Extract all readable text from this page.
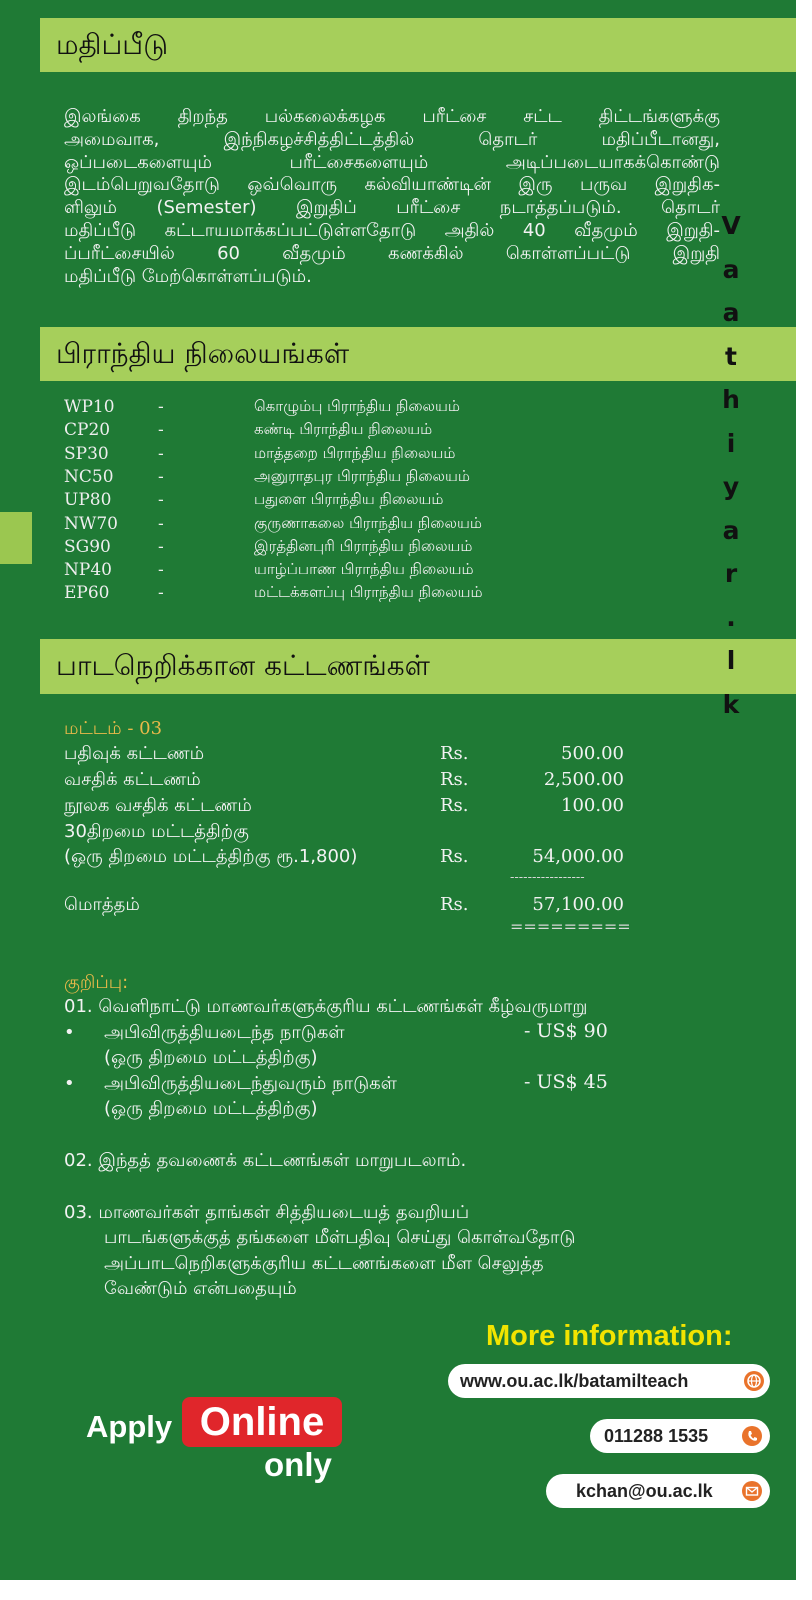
மதிப்பீடு
இலங்கை திறந்த பல்கலைக்கழக பரீட்சை சட்ட திட்டங்களுக்கு
அமைவாக, இந்நிகழச்சித்திட்டத்தில் தொடர் மதிப்பீடானது,
ஒப்படைகளையும் பரீட்சைகளையும் அடிப்படையாகக்கொண்டு
இடம்பெறுவதோடு ஒவ்வொரு கல்வியாண்டின் இரு பருவ இறுதிக-
ளிலும் (Semester) இறுதிப் பரீட்சை நடாத்தப்படும். தொடர்
மதிப்பீடு கட்டாயமாக்கப்பட்டுள்ளதோடு அதில் 40 வீதமும் இறுதி-
ப்பரீட்சையில் 60 வீதமும் கணக்கில் கொள்ளப்பட்டு இறுதி
மதிப்பீடு மேற்கொள்ளப்படும்.
பிராந்திய நிலையங்கள்
WP10	-	கொழும்பு பிராந்திய நிலையம்
CP20	-	கண்டி பிராந்திய நிலையம்
SP30	-	மாத்தறை பிராந்திய நிலையம்
NC50	-	அனுராதபுர பிராந்திய நிலையம்
UP80	-	பதுளை பிராந்திய நிலையம்
NW70 -	குருணாகலை பிராந்திய நிலையம்
SG90	-	இரத்தினபுரி பிராந்திய நிலையம்
NP40	-	யாழ்ப்பாண பிராந்திய நிலையம்
EP60	-	மட்டக்களப்பு பிராந்திய நிலையம்
பாடநெறிக்கான கட்டணங்கள்
மட்டம் - 03
பதிவுக் கட்டணம்	Rs.	500.00
வசதிக் கட்டணம்	Rs.	2,500.00
நூலக வசதிக் கட்டணம்	Rs.	100.00
30திறமை மட்டத்திற்கு
(ஒரு திறமை மட்டத்திற்கு ரூ.1,800)	Rs.	54,000.00
-----------------
மொத்தம்	Rs.	57,100.00
=========
குறிப்பு:
01. வெளிநாட்டு மாணவர்களுக்குரிய கட்டணங்கள் கீழ்வருமாறு
• அபிவிருத்தியடைந்த நாடுகள்	- US$ 90
(ஒரு திறமை மட்டத்திற்கு)
• அபிவிருத்தியடைந்துவரும் நாடுகள்	- US$ 45
(ஒரு திறமை மட்டத்திற்கு)
02. இந்தத் தவணைக் கட்டணங்கள் மாறுபடலாம்.
03. மாணவர்கள் தாங்கள் சித்தியடையத் தவறியப்
பாடங்களுக்குத் தங்களை மீள்பதிவு செய்து கொள்வதோடு
அப்பாடநெறிகளுக்குரிய கட்டணங்களை மீள செலுத்த
வேண்டும் என்பதையும்
V
a
a
t
h
i
y
a
r
.
l
k
More information:
www.ou.ac.lk/batamilteach
011288 1535
kchan@ou.ac.lk
Apply Online
only
